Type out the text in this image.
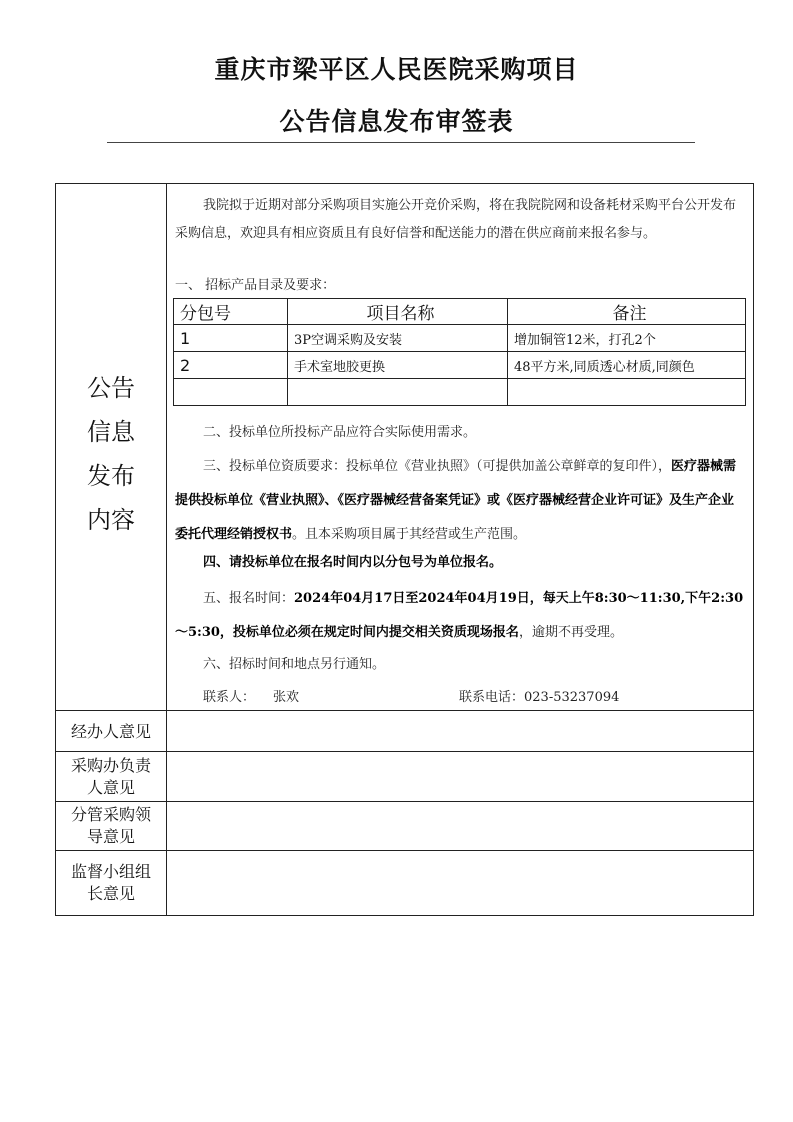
重庆市梁平区人民医院采购项目
公告信息发布审签表
公告
信息
发布
内容
我院拟于近期对部分采购项目实施公开竞价采购，将在我院院网和设备耗材采购平台公开发布采购信息，欢迎具有相应资质且有良好信誉和配送能力的潜在供应商前来报名参与。
一、 招标产品目录及要求：
分包号	项目名称	备注
1	3P空调采购及安装	增加铜管12米，打孔2个
2	手术室地胶更换	48平方米,同质透心材质,同颜色

二、投标单位所投标产品应符合实际使用需求。
三、投标单位资质要求：投标单位《营业执照》（可提供加盖公章鲜章的复印件），医疗器械需提供投标单位《营业执照》、《医疗器械经营备案凭证》或《医疗器械经营企业许可证》及生产企业委托代理经销授权书。且本采购项目属于其经营或生产范围。
四、请投标单位在报名时间内以分包号为单位报名。
五、报名时间：2024年04月17日至2024年04月19日，每天上午8:30～11:30,下午2:30～5:30，投标单位必须在规定时间内提交相关资质现场报名，逾期不再受理。
六、招标时间和地点另行通知。
联系人： 张欢	联系电话：023-53237094
经办人意见
采购办负责
人意见
分管采购领
导意见
监督小组组
长意见
